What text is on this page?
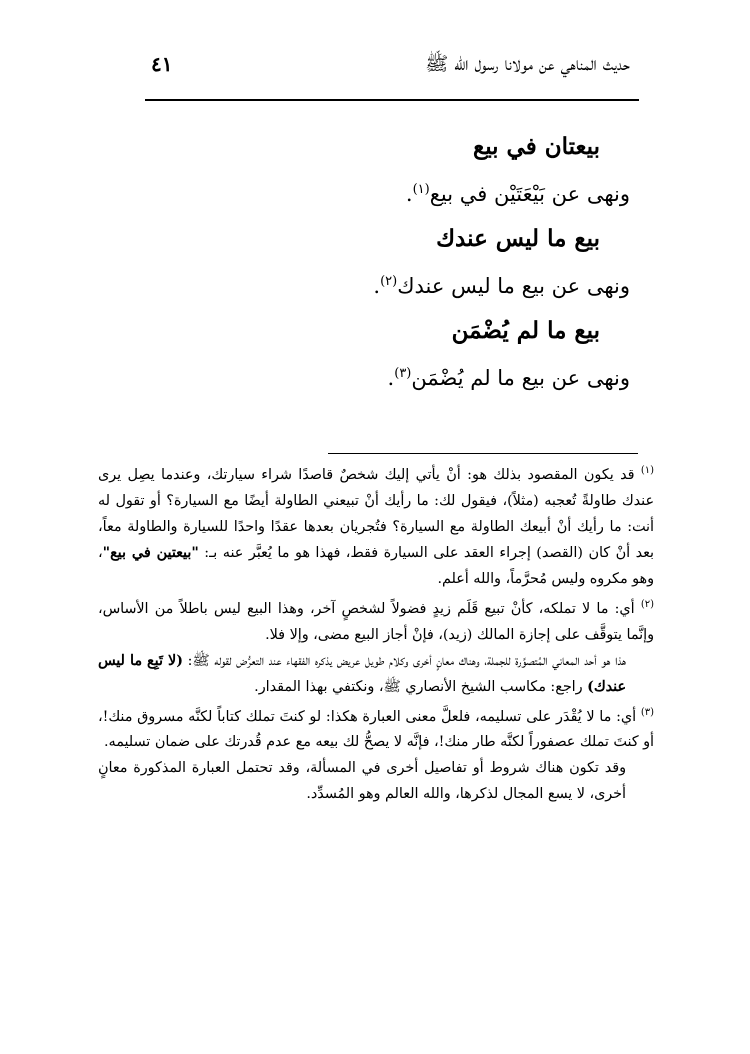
حديث المناهي عن مولانا رسول الله ﷺ
٤١
بيعتان في بيع
ونهى عن بَيْعَتَيْن في بيع$^{(١)}$.
بيع ما ليس عندك
ونهى عن بيع ما ليس عندك$^{(٢)}$.
بيع ما لم يُضْمَن
ونهى عن بيع ما لم يُضْمَن$^{(٣)}$.

$^{(١)}$ قد يكون المقصود بذلك هو: أنْ يأتي إليك شخصٌ قاصدًا شراء سيارتك، وعندما يصِل يرى عندك طاولةً تُعجبه (مثلاً)، فيقول لك: ما رأيك أنْ تبيعني الطاولة أيضًا مع السيارة؟ أو تقول له أنت: ما رأيك أنْ أبيعك الطاولة مع السيارة؟ فتُجريان بعدها عقدًا واحدًا للسيارة والطاولة معاً، بعد أنْ كان (القصد) إجراء العقد على السيارة فقط، فهذا هو ما يُعبَّر عنه بـ: "بيعتين في بيع"، وهو مكروه وليس مُحرَّماً، والله أعلم.

$^{(٢)}$ أي: ما لا تملكه، كأنْ تبيع قَلَم زيدٍ فضولاً لشخصٍ آخر، وهذا البيع ليس باطلاً من الأساس، وإنَّما يتوقَّف على إجازة المالك (زيد)، فإنْ أجاز البيع مضى، وإلا فلا.

هذا هو أحد المعاني المُتصوَّرة للجملة، وهناك معانٍ أخرى وكلام طويل عريض يذكره الفقهاء عند التعرُّض لقوله ﷺ: (لا تَبِع ما ليس عندك) راجع: مكاسب الشيخ الأنصاري ﷺ، ونكتفي بهذا المقدار.

$^{(٣)}$ أي: ما لا يُقْدَر على تسليمه، فلعلَّ معنى العبارة هكذا: لو كنتَ تملك كتاباً لكنَّه مسروق منك!، أو كنتَ تملك عصفوراً لكنَّه طار منك!، فإنَّه لا يصحُّ لك بيعه مع عدم قُدرتك على ضمان تسليمه.

وقد تكون هناك شروط أو تفاصيل أخرى في المسألة، وقد تحتمل العبارة المذكورة معانٍ أخرى، لا يسع المجال لذكرها، والله العالم وهو المُسدِّد.
